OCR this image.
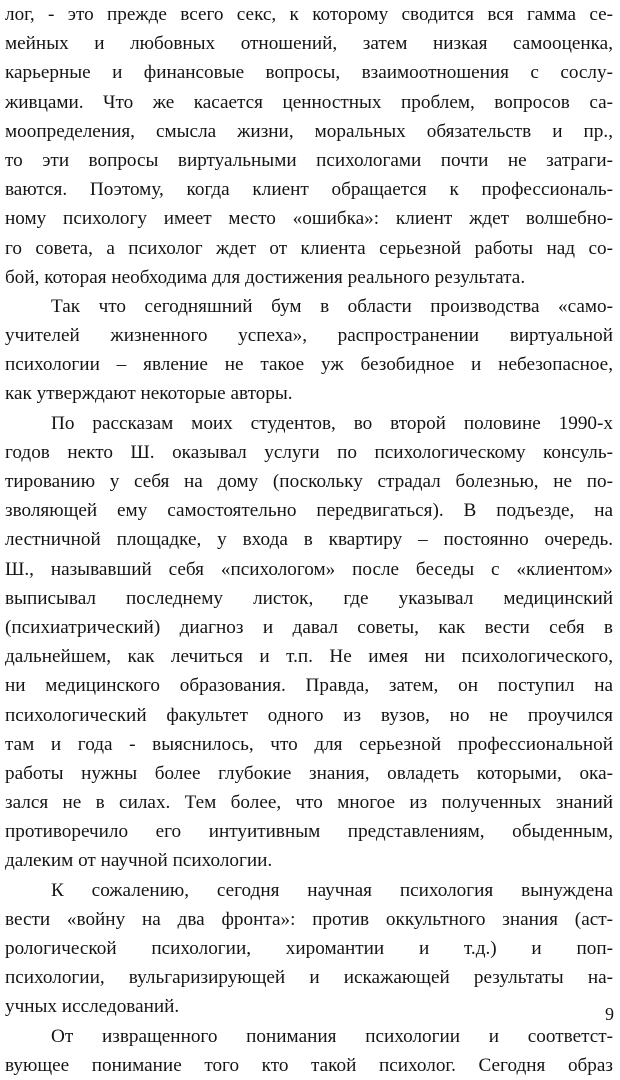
лог, - это прежде всего секс, к которому сводится вся гамма се-
мейных и любовных отношений, затем низкая самооценка,
карьерные и финансовые вопросы, взаимоотношения с сослу-
живцами. Что же касается ценностных проблем, вопросов са-
моопределения, смысла жизни, моральных обязательств и пр.,
то эти вопросы виртуальными психологами почти не затраги-
ваются. Поэтому, когда клиент обращается к профессиональ-
ному психологу имеет место «ошибка»: клиент ждет волшебно-
го совета, а психолог ждет от клиента серьезной работы над со-
бой, которая необходима для достижения реального результата.
Так что сегодняшний бум в области производства «само-
учителей жизненного успеха», распространении виртуальной
психологии – явление не такое уж безобидное и небезопасное,
как утверждают некоторые авторы.
По рассказам моих студентов, во второй половине 1990-х
годов некто Ш. оказывал услуги по психологическому консуль-
тированию у себя на дому (поскольку страдал болезнью, не по-
зволяющей ему самостоятельно передвигаться). В подъезде, на
лестничной площадке, у входа в квартиру – постоянно очередь.
Ш., называвший себя «психологом» после беседы с «клиентом»
выписывал последнему листок, где указывал медицинский
(психиатрический) диагноз и давал советы, как вести себя в
дальнейшем, как лечиться и т.п. Не имея ни психологического,
ни медицинского образования. Правда, затем, он поступил на
психологический факультет одного из вузов, но не проучился
там и года - выяснилось, что для серьезной профессиональной
работы нужны более глубокие знания, овладеть которыми, ока-
зался не в силах. Тем более, что многое из полученных знаний
противоречило его интуитивным представлениям, обыденным,
далеким от научной психологии.
К сожалению, сегодня научная психология вынуждена
вести «войну на два фронта»: против оккультного знания (аст-
рологической психологии, хиромантии и т.д.) и поп-
психологии, вульгаризирующей и искажающей результаты на-
учных исследований.
От извращенного понимания психологии и соответст-
вующее понимание того кто такой психолог. Сегодня образ
9
